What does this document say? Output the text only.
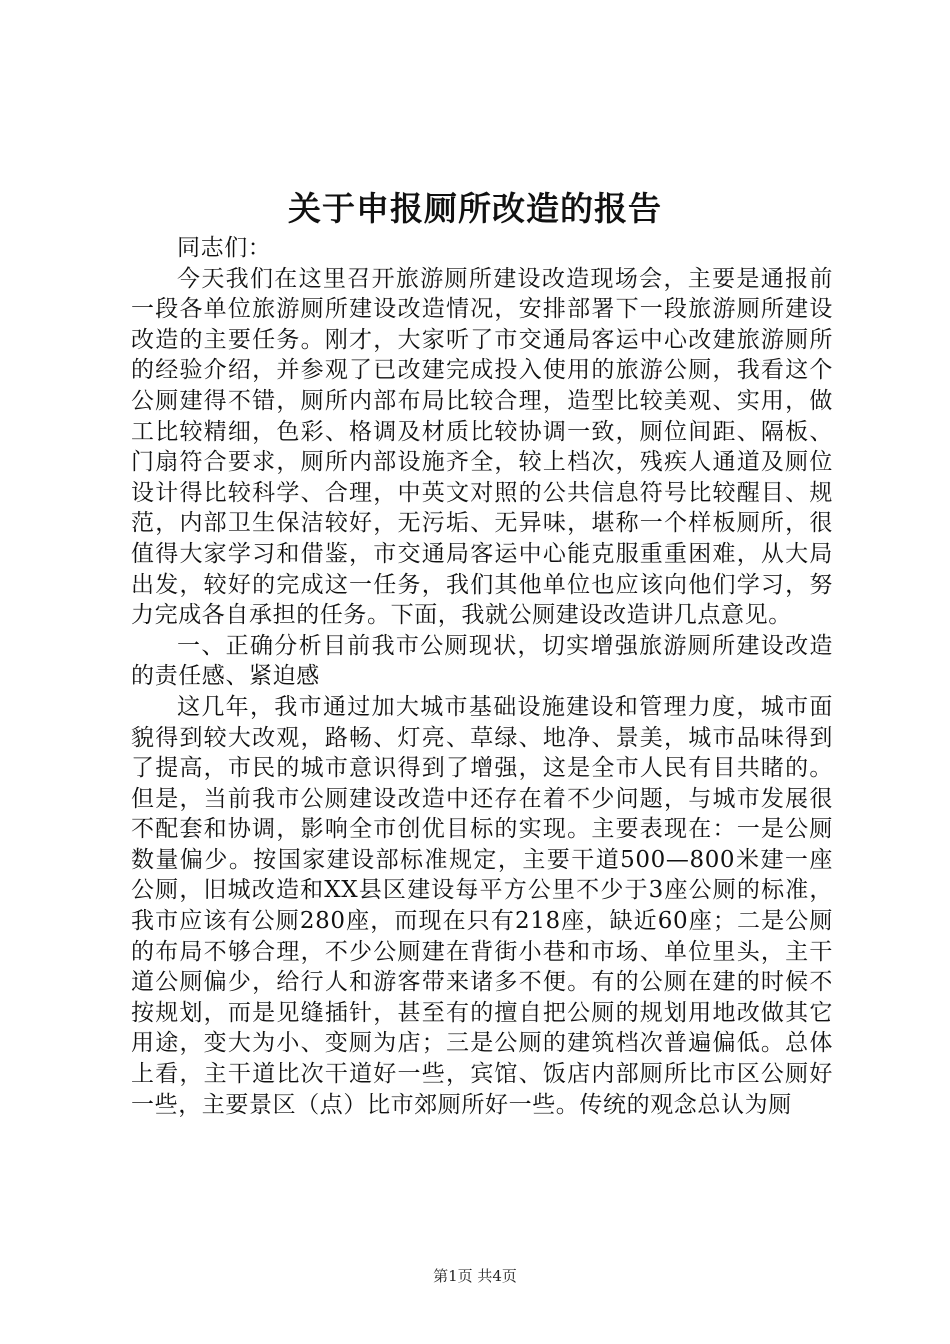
关于申报厕所改造的报告

同志们：

今天我们在这里召开旅游厕所建设改造现场会，主要是通报前一段各单位旅游厕所建设改造情况，安排部署下一段旅游厕所建设改造的主要任务。刚才，大家听了市交通局客运中心改建旅游厕所的经验介绍，并参观了已改建完成投入使用的旅游公厕，我看这个公厕建得不错，厕所内部布局比较合理，造型比较美观、实用，做工比较精细，色彩、格调及材质比较协调一致，厕位间距、隔板、门扇符合要求，厕所内部设施齐全，较上档次，残疾人通道及厕位设计得比较科学、合理，中英文对照的公共信息符号比较醒目、规范，内部卫生保洁较好，无污垢、无异味，堪称一个样板厕所，很值得大家学习和借鉴，市交通局客运中心能克服重重困难，从大局出发，较好的完成这一任务，我们其他单位也应该向他们学习，努力完成各自承担的任务。下面，我就公厕建设改造讲几点意见。

一、正确分析目前我市公厕现状，切实增强旅游厕所建设改造的责任感、紧迫感

这几年，我市通过加大城市基础设施建设和管理力度，城市面貌得到较大改观，路畅、灯亮、草绿、地净、景美，城市品味得到了提高，市民的城市意识得到了增强，这是全市人民有目共睹的。但是，当前我市公厕建设改造中还存在着不少问题，与城市发展很不配套和协调，影响全市创优目标的实现。主要表现在：一是公厕数量偏少。按国家建设部标准规定，主要干道500—800米建一座公厕，旧城改造和XX县区建设每平方公里不少于3座公厕的标准，我市应该有公厕280座，而现在只有218座，缺近60座；二是公厕的布局不够合理，不少公厕建在背街小巷和市场、单位里头，主干道公厕偏少，给行人和游客带来诸多不便。有的公厕在建的时候不按规划，而是见缝插针，甚至有的擅自把公厕的规划用地改做其它用途，变大为小、变厕为店；三是公厕的建筑档次普遍偏低。总体上看，主干道比次干道好一些，宾馆、饭店内部厕所比市区公厕好一些，主要景区（点）比市郊厕所好一些。传统的观念总认为厕

第1页 共4页
